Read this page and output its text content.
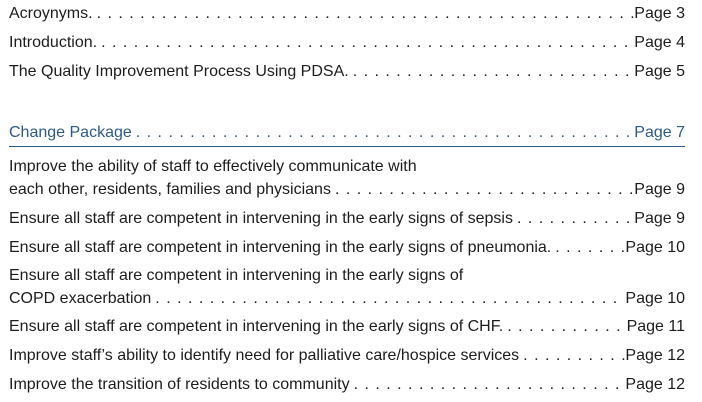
Acroynyms. . . .	Page 3
Introduction. . . .	Page 4
The Quality Improvement Process Using PDSA. . . .	Page 5
Change Package . . .	Page 7
Improve the ability of staff to effectively communicate with
each other, residents, families and physicians . . .	Page 9
Ensure all staff are competent in intervening in the early signs of sepsis . . .	Page 9
Ensure all staff are competent in intervening in the early signs of pneumonia. . . .	Page 10
Ensure all staff are competent in intervening in the early signs of
COPD exacerbation . . .	Page 10
Ensure all staff are competent in intervening in the early signs of CHF. . . .	Page 11
Improve staff’s ability to identify need for palliative care/hospice services . . .	Page 12
Improve the transition of residents to community . . .	Page 12
